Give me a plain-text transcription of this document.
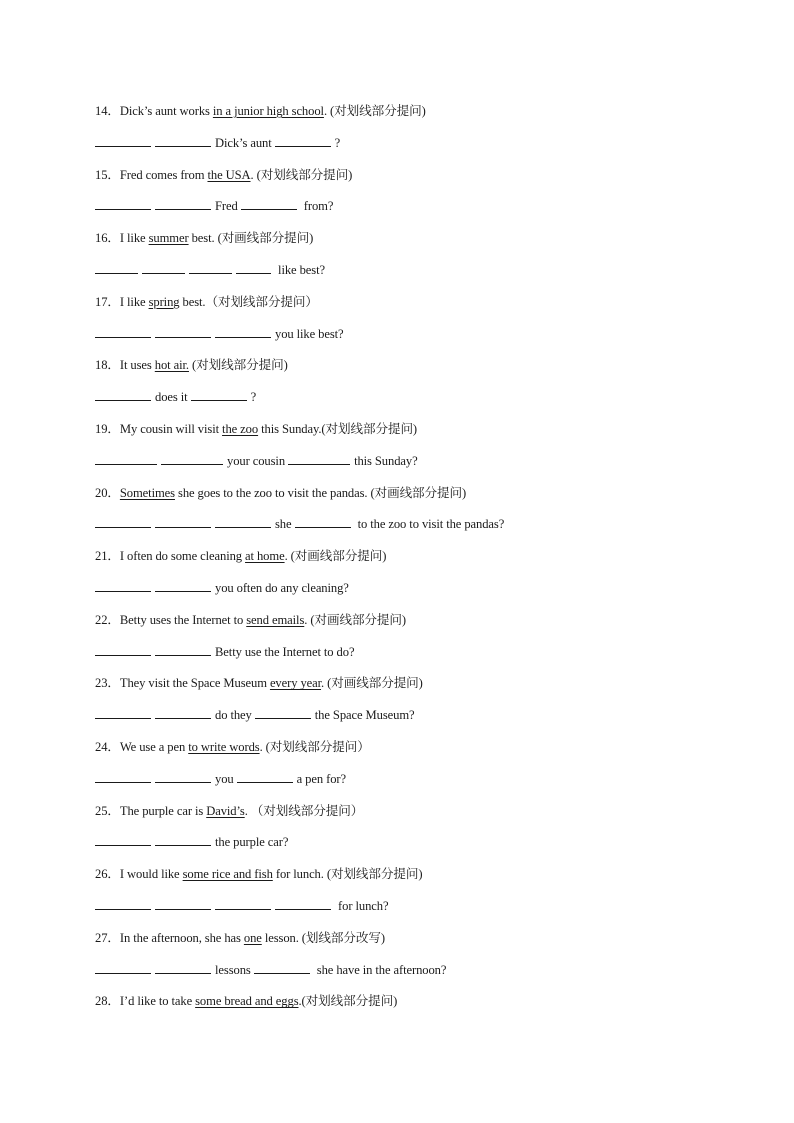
14．Dick’s aunt works in a junior high school. (对划线部分提问)
Dick’s aunt	?
15．Fred comes from the USA. (对划线部分提问)
Fred	from?
16．I like summer best. (对画线部分提问)
like best?
17．I like spring best.（对划线部分提问）
you like best?
18．It uses hot air. (对划线部分提问)
does it	?
19．My cousin will visit the zoo this Sunday.(对划线部分提问)
your cousin	this Sunday?
20．Sometimes she goes to the zoo to visit the pandas. (对画线部分提问)
she	to the zoo to visit the pandas?
21．I often do some cleaning at home. (对画线部分提问)
you often do any cleaning?
22．Betty uses the Internet to send emails. (对画线部分提问)
Betty use the Internet to do?
23．They visit the Space Museum every year. (对画线部分提问)
do they	the Space Museum?
24．We use a pen to write words. (对划线部分提问）
you	a pen for?
25．The purple car is David’s. （对划线部分提问）
the purple car?
26．I would like some rice and fish for lunch. (对划线部分提问)
for lunch?
27．In the afternoon, she has one lesson. (划线部分改写)
lessons	she have in the afternoon?
28．I’d like to take some bread and eggs.(对划线部分提问)
